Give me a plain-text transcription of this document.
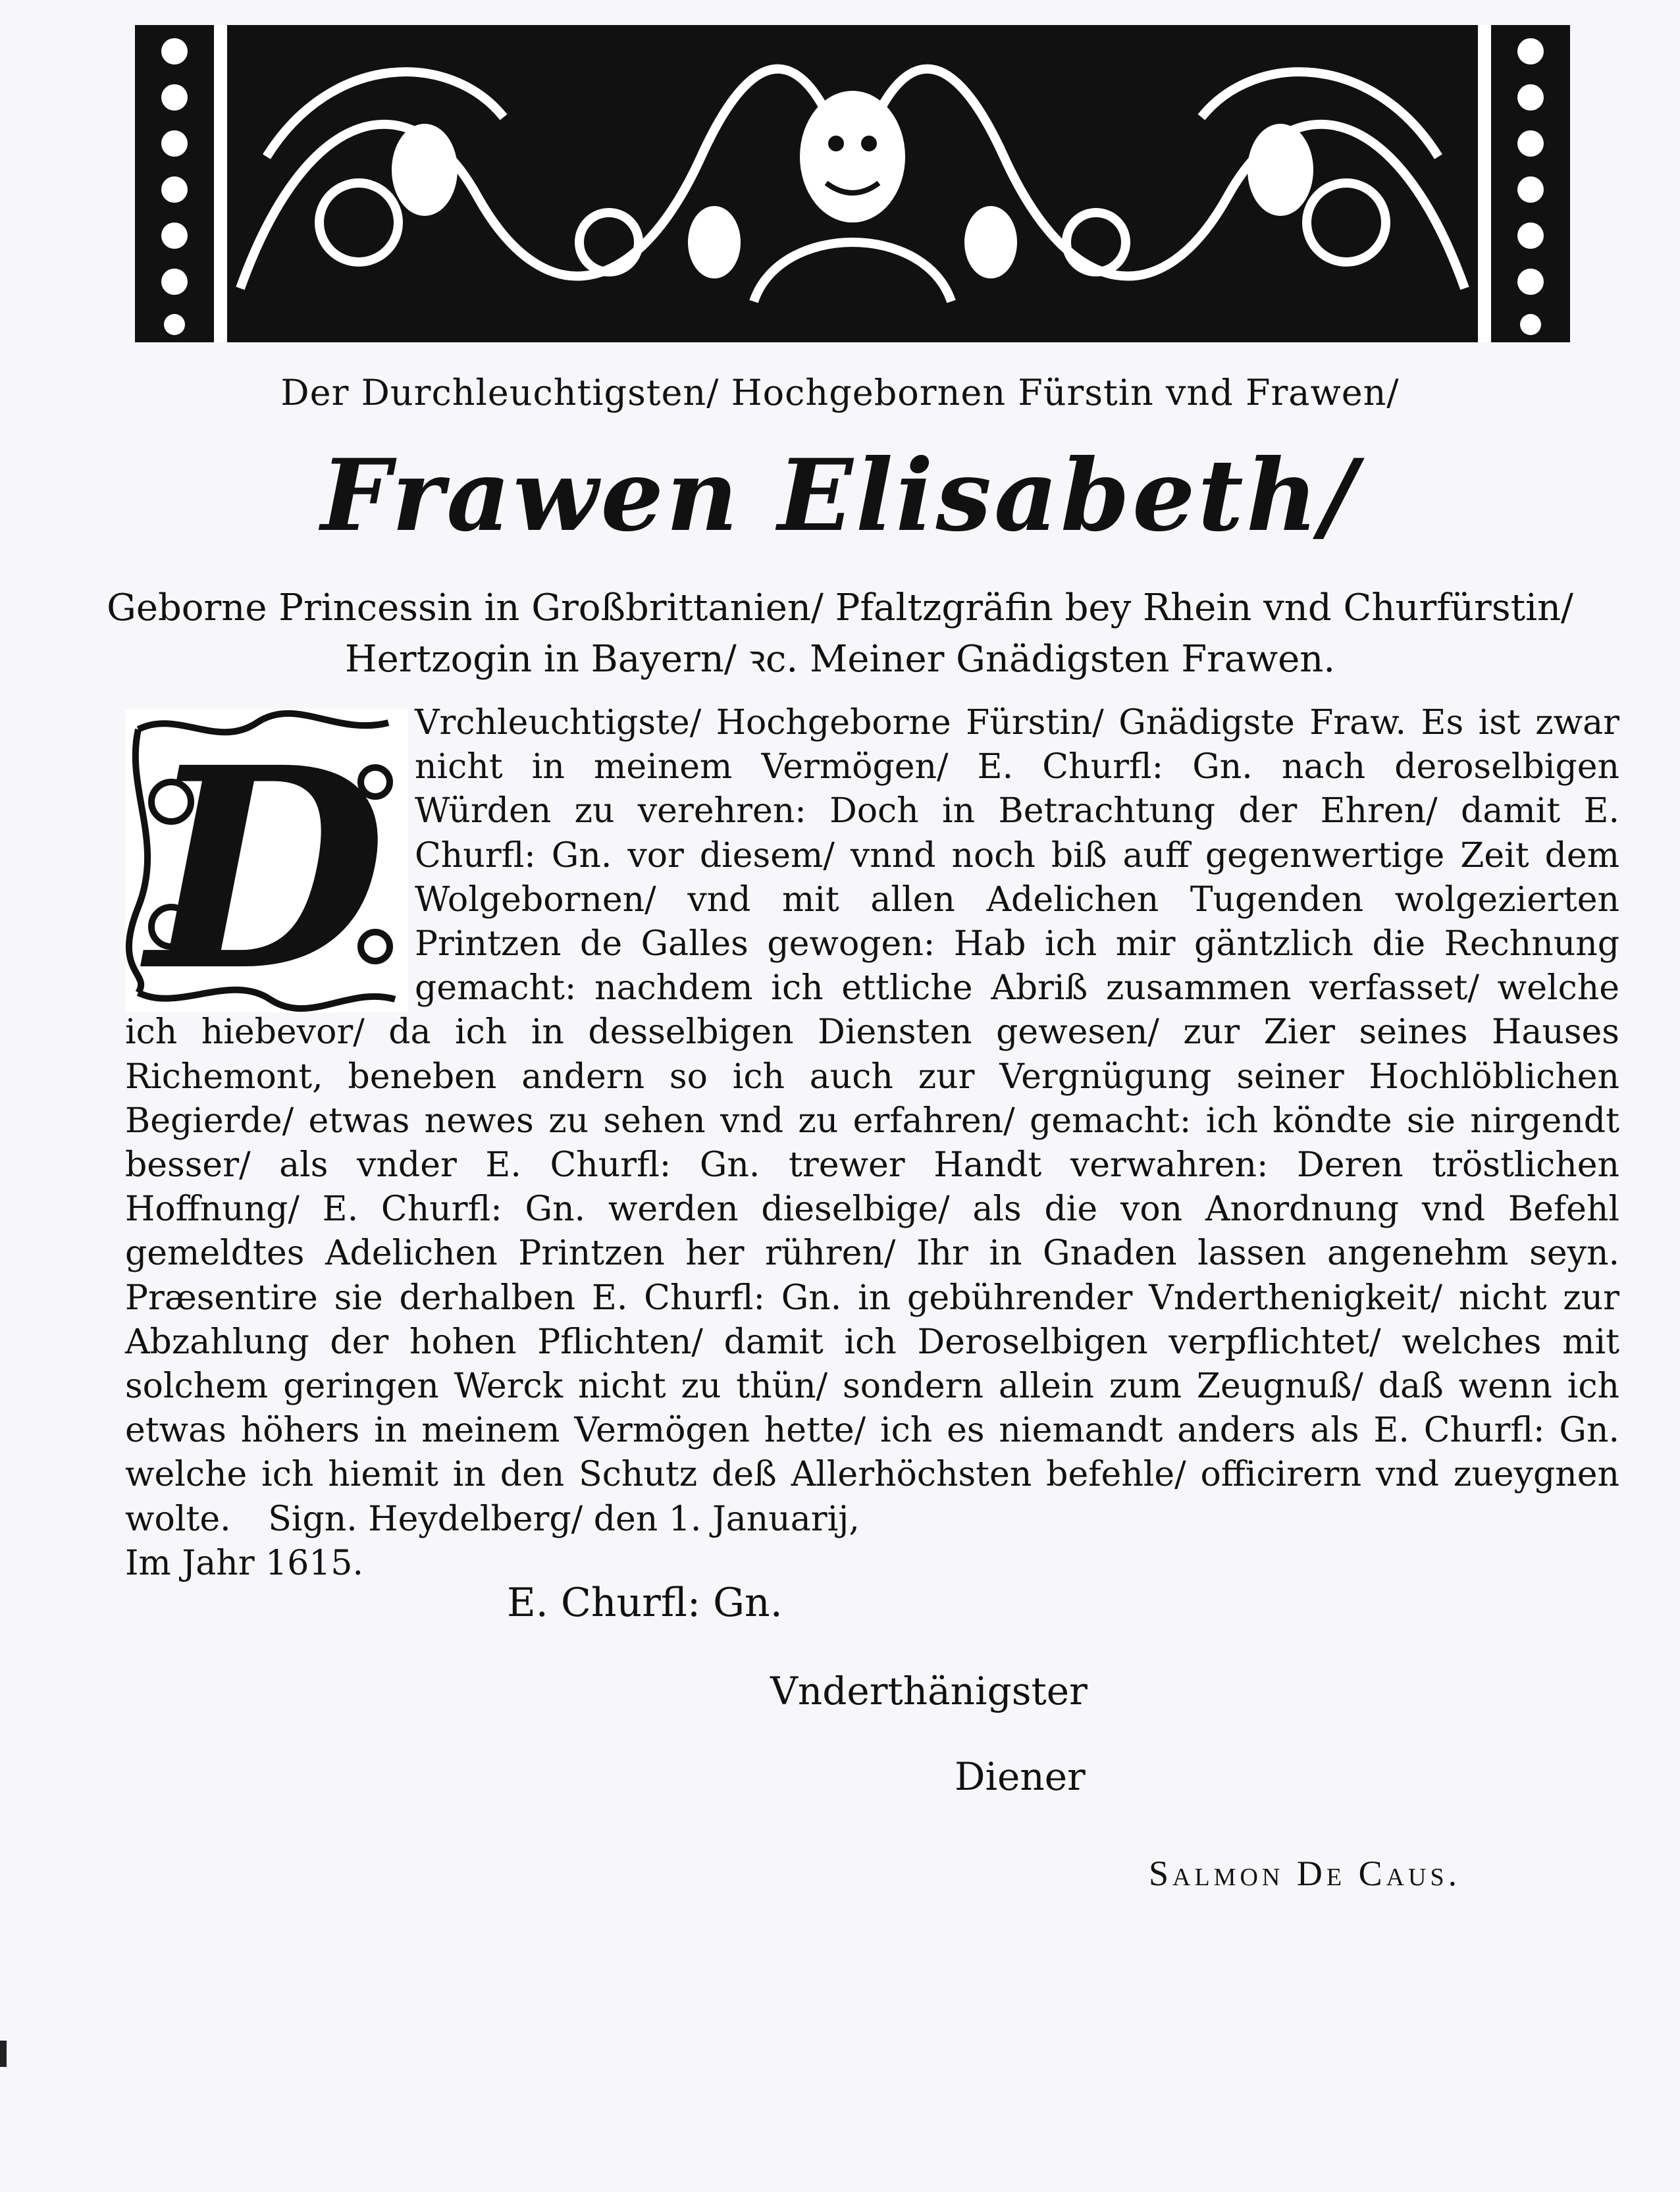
Der Durchleuchtigsten/ Hochgebornen Fürstin vnd Frawen/
Frawen Elisabeth/
Geborne Princessin in Großbrittanien/ Pfaltzgräfin bey Rhein vnd Churfürstin/
Hertzogin in Bayern/ ꝛc. Meiner Gnädigsten Frawen.
Vrchleuchtigste/ Hochgeborne Fürstin/ Gnädigste Fraw. Es ist zwar nicht in meinem Vermögen/ E. Churfl: Gn. nach deroselbigen Würden zu verehren: Doch in Betrachtung der Ehren/ damit E. Churfl: Gn. vor diesem/ vnnd noch biß auff gegenwertige Zeit dem Wolgebornen/ vnd mit allen Adelichen Tugenden wolgezierten Printzen de Galles gewogen: Hab ich mir gäntzlich die Rechnung gemacht: nachdem ich ettliche Abriß zusammen verfasset/ welche ich hiebevor/ da ich in desselbigen Diensten gewesen/ zur Zier seines Hauses Richemont, beneben andern so ich auch zur Vergnügung seiner Hochlöblichen Begierde/ etwas newes zu sehen vnd zu erfahren/ gemacht: ich köndte sie nirgendt besser/ als vnder E. Churfl: Gn. trewer Handt verwahren: Deren tröstlichen Hoffnung/ E. Churfl: Gn. werden dieselbige/ als die von Anordnung vnd Befehl gemeldtes Adelichen Printzen her rühren/ Ihr in Gnaden lassen angenehm seyn. Præsentire sie derhalben E. Churfl: Gn. in gebührender Vnderthenigkeit/ nicht zur Abzahlung der hohen Pflichten/ damit ich Deroselbigen verpflichtet/ welches mit solchem geringen Werck nicht zu thün/ sondern allein zum Zeugnuß/ daß wenn ich etwas höhers in meinem Vermögen hette/ ich es niemandt anders als E. Churfl: Gn. welche ich hiemit in den Schutz deß Allerhöchsten befehle/ officirern vnd zueygnen wolte. Sign. Heydelberg/ den 1. Januarij,
Im Jahr 1615.
D
E. Churfl: Gn.
Vnderthänigster
Diener
Salmon De Caus.
